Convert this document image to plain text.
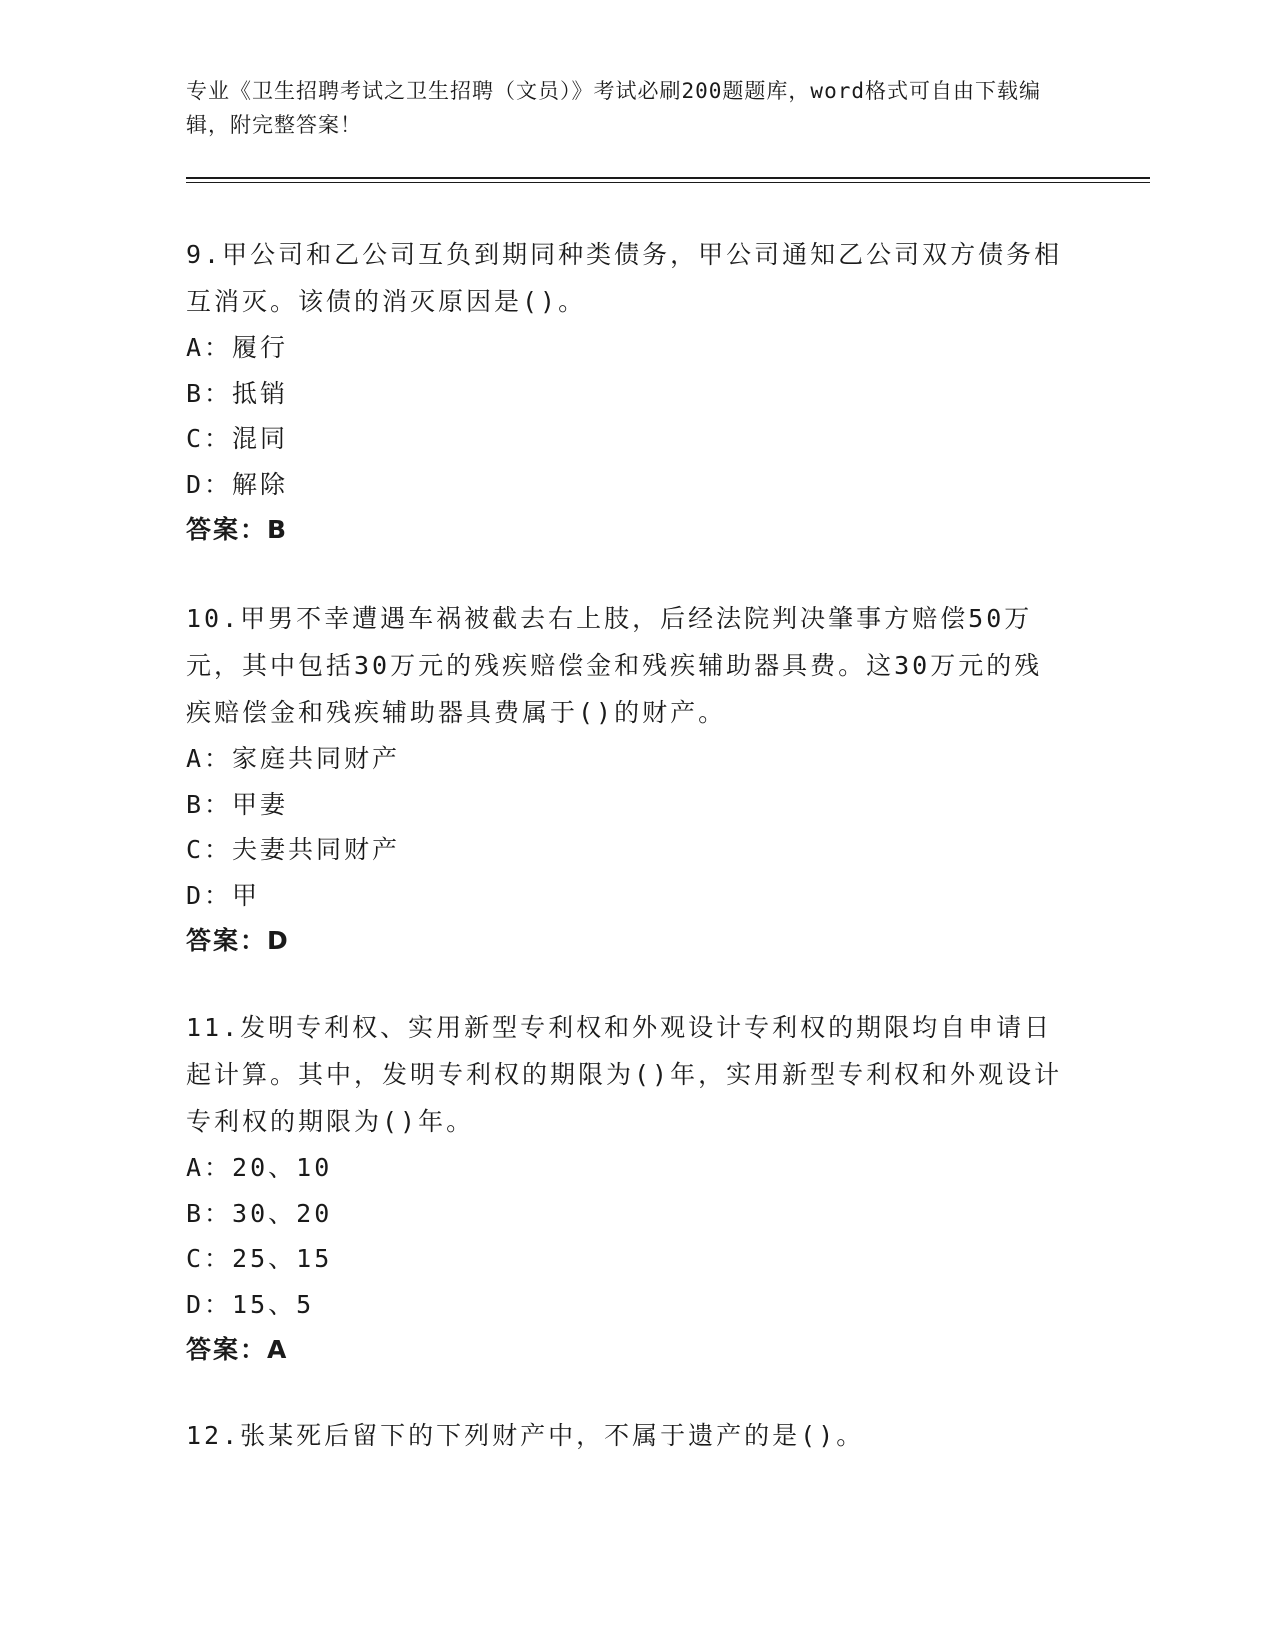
专业《卫生招聘考试之卫生招聘（文员）》考试必刷200题题库，word格式可自由下载编辑，附完整答案！
9.甲公司和乙公司互负到期同种类债务，甲公司通知乙公司双方债务相互消灭。该债的消灭原因是()。
A：履行
B：抵销
C：混同
D：解除
答案：B
10.甲男不幸遭遇车祸被截去右上肢，后经法院判决肇事方赔偿50万元，其中包括30万元的残疾赔偿金和残疾辅助器具费。这30万元的残疾赔偿金和残疾辅助器具费属于()的财产。
A：家庭共同财产
B：甲妻
C：夫妻共同财产
D：甲
答案：D
11.发明专利权、实用新型专利权和外观设计专利权的期限均自申请日起计算。其中，发明专利权的期限为()年，实用新型专利权和外观设计专利权的期限为()年。
A：20、10
B：30、20
C：25、15
D：15、5
答案：A
12.张某死后留下的下列财产中，不属于遗产的是()。
